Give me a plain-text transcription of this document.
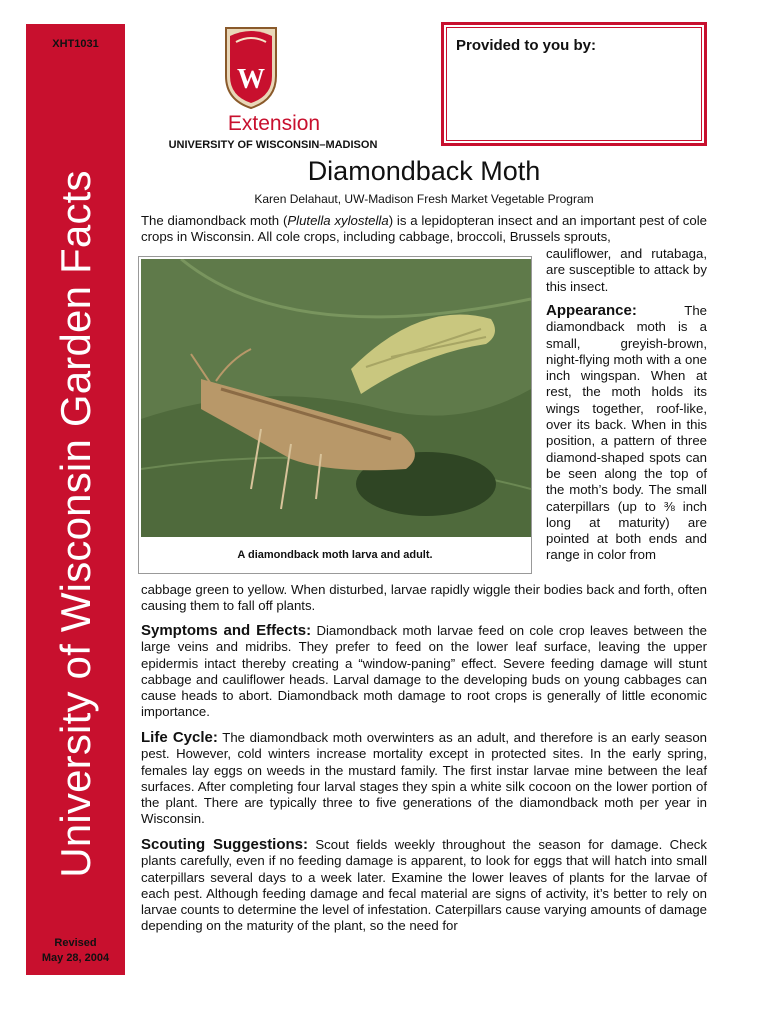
XHT1031
University of Wisconsin Garden Facts
Revised
May 28, 2004
W
Extension
UNIVERSITY OF WISCONSIN–MADISON
Provided to you by:
Diamondback Moth
Karen Delahaut, UW-Madison Fresh Market Vegetable Program
The diamondback moth (Plutella xylostella) is a lepidopteran insect and an important pest of cole crops in Wisconsin. All cole crops, including cabbage, broccoli, Brussels sprouts,
cauliflower, and rutabaga, are susceptible to attack by this insect.
A diamondback moth larva and adult.
Appearance:	The diamondback moth is a small, greyish-brown, night-flying moth with a one inch wingspan. When at rest, the moth holds its wings together, roof-like, over its back. When in this position, a pattern of three diamond-shaped spots can be seen along the top of the moth’s body. The small caterpillars (up to ⅜ inch long at maturity) are pointed at both ends and range in color from
cabbage green to yellow. When disturbed, larvae rapidly wiggle their bodies back and forth, often causing them to fall off plants.
Symptoms and Effects: Diamondback moth larvae feed on cole crop leaves between the large veins and midribs. They prefer to feed on the lower leaf surface, leaving the upper epidermis intact thereby creating a “window-paning” effect. Severe feeding damage will stunt cabbage and cauliflower heads. Larval damage to the developing buds on young cabbages can cause heads to abort. Diamondback moth damage to root crops is generally of little economic importance.
Life Cycle: The diamondback moth overwinters as an adult, and therefore is an early season pest. However, cold winters increase mortality except in protected sites. In the early spring, females lay eggs on weeds in the mustard family. The first instar larvae mine between the leaf surfaces. After completing four larval stages they spin a white silk cocoon on the lower portion of the plant. There are typically three to five generations of the diamondback moth per year in Wisconsin.
Scouting Suggestions: Scout fields weekly throughout the season for damage. Check plants carefully, even if no feeding damage is apparent, to look for eggs that will hatch into small caterpillars several days to a week later. Examine the lower leaves of plants for the larvae of each pest. Although feeding damage and fecal material are signs of activity, it’s better to rely on larvae counts to determine the level of infestation. Caterpillars cause varying amounts of damage depending on the maturity of the plant, so the need for
